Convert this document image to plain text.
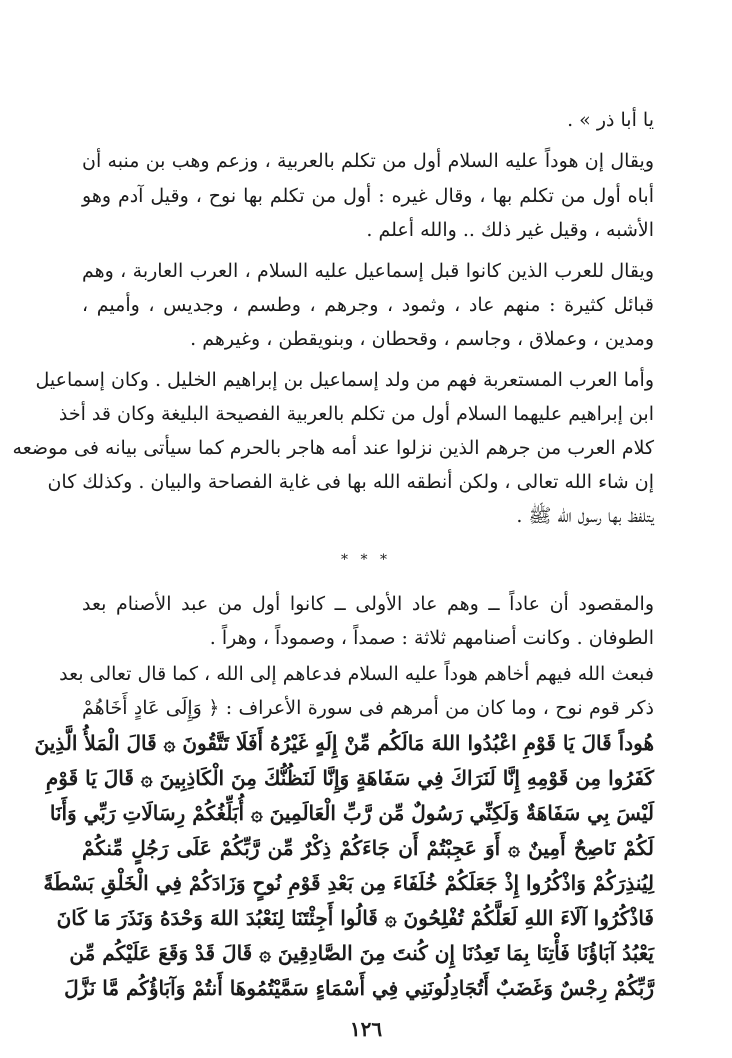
يا أبا ذر » .
ويقال إن هوداً عليه السلام أول من تكلم بالعربية ، وزعم وهب بن منبه أن
أباه أول من تكلم بها ، وقال غيره : أول من تكلم بها نوح ، وقيل آدم وهو
الأشبه ، وقيل غير ذلك .. والله أعلم .
ويقال للعرب الذين كانوا قبل إسماعيل عليه السلام ، العرب العاربة ، وهم
قبائل كثيرة : منهم عاد ، وثمود ، وجرهم ، وطسم ، وجديس ، وأميم ،
ومدين ، وعملاق ، وجاسم ، وقحطان ، وبنويقطن ، وغيرهم .
وأما العرب المستعربة فهم من ولد إسماعيل بن إبراهيم الخليل . وكان إسماعيل
ابن إبراهيم عليهما السلام أول من تكلم بالعربية الفصيحة البليغة وكان قد أخذ
كلام العرب من جرهم الذين نزلوا عند أمه هاجر بالحرم كما سيأتى بيانه فى موضعه
إن شاء الله تعالى ، ولكن أنطقه الله بها فى غاية الفصاحة والبيان . وكذلك كان
يتلفظ بها رسول الله ﷺ .
* * *
والمقصود أن عاداً ــ وهم عاد الأولى ــ كانوا أول من عبد الأصنام بعد
الطوفان . وكانت أصنامهم ثلاثة : صمداً ، وصموداً ، وهراً .
فبعث الله فيهم أخاهم هوداً عليه السلام فدعاهم إلى الله ، كما قال تعالى بعد
ذكر قوم نوح ، وما كان من أمرهم فى سورة الأعراف : ﴿ وَإِلَى عَادٍ أَخَاهُمْ
هُوداً قَالَ يَا قَوْمِ اعْبُدُوا اللهَ مَالَكُم مِّنْ إِلَهٍ غَيْرُهُ أَفَلَا تَتَّقُونَ ۞ قَالَ الْمَلأُ الَّذِينَ
كَفَرُوا مِن قَوْمِهِ إِنَّا لَنَرَاكَ فِي سَفَاهَةٍ وَإِنَّا لَنَظُنُّكَ مِنَ الْكَاذِبِينَ ۞ قَالَ يَا قَوْمِ
لَيْسَ بِي سَفَاهَةٌ وَلَكِنِّي رَسُولٌ مِّن رَّبِّ الْعَالَمِينَ ۞ أُبَلِّغُكُمْ رِسَالَاتِ رَبِّي وَأَنَا
لَكُمْ نَاصِحٌ أَمِينٌ ۞ أَوَ عَجِبْتُمْ أَن جَاءَكُمْ ذِكْرٌ مِّن رَّبِّكُمْ عَلَى رَجُلٍ مِّنكُمْ
لِيُنذِرَكُمْ وَاذْكُرُوا إِذْ جَعَلَكُمْ خُلَفَاءَ مِن بَعْدِ قَوْمِ نُوحٍ وَزَادَكُمْ فِي الْخَلْقِ بَسْطَةً
فَاذْكُرُوا آلَاءَ اللهِ لَعَلَّكُمْ تُفْلِحُونَ ۞ قَالُوا أَجِئْتَنَا لِنَعْبُدَ اللهَ وَحْدَهُ وَنَذَرَ مَا كَانَ
يَعْبُدُ آبَاؤُنَا فَأْتِنَا بِمَا تَعِدُنَا إِن كُنتَ مِنَ الصَّادِقِينَ ۞ قَالَ قَدْ وَقَعَ عَلَيْكُم مِّن
رَّبِّكُمْ رِجْسٌ وَغَضَبٌ أَتُجَادِلُونَنِي فِي أَسْمَاءٍ سَمَّيْتُمُوهَا أَنتُمْ وَآبَاؤُكُم مَّا نَزَّلَ
١٢٦
